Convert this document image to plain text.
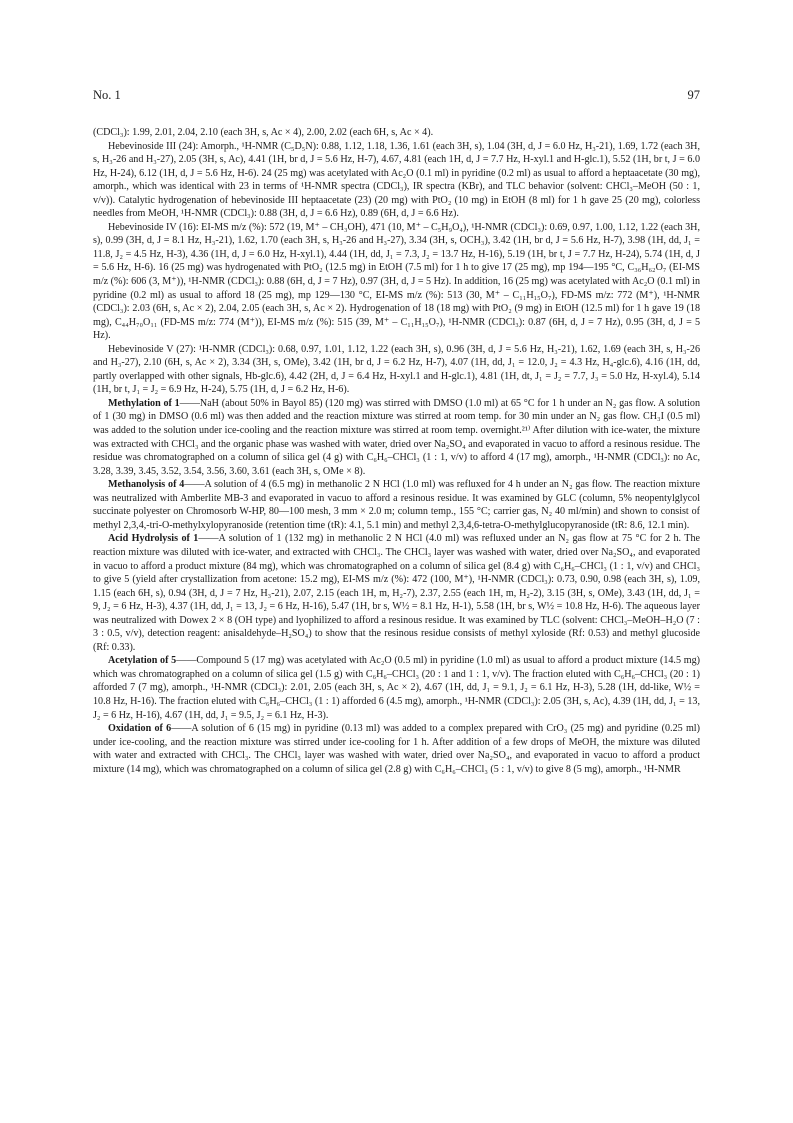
No. 1	97

(CDCl₃): 1.99, 2.01, 2.04, 2.10 (each 3H, s, Ac × 4), 2.00, 2.02 (each 6H, s, Ac × 4).

Hebevinoside III (24): Amorph., ¹H-NMR (C₅D₅N): 0.88, 1.12, 1.18, 1.36, 1.61 (each 3H, s), 1.04 (3H, d, J = 6.0 Hz, H₃-21), 1.69, 1.72 (each 3H, s, H₃-26 and H₃-27), 2.05 (3H, s, Ac), 4.41 (1H, br d, J = 5.6 Hz, H-7), 4.67, 4.81 (each 1H, d, J = 7.7 Hz, H-xyl.1 and H-glc.1), 5.52 (1H, br t, J = 6.0 Hz, H-24), 6.12 (1H, d, J = 5.6 Hz, H-6). 24 (25 mg) was acetylated with Ac₂O (0.1 ml) in pyridine (0.2 ml) as usual to afford a heptaacetate (30 mg), amorph., which was identical with 23 in terms of ¹H-NMR spectra (CDCl₃), IR spectra (KBr), and TLC behavior (solvent: CHCl₃–MeOH (50 : 1, v/v)). Catalytic hydrogenation of hebevinoside III heptaacetate (23) (20 mg) with PtO₂ (10 mg) in EtOH (8 ml) for 1 h gave 25 (20 mg), colorless needles from MeOH, ¹H-NMR (CDCl₃): 0.88 (3H, d, J = 6.6 Hz), 0.89 (6H, d, J = 6.6 Hz).

Hebevinoside IV (16): EI-MS m/z (%): 572 (19, M⁺ – CH₃OH), 471 (10, M⁺ – C₅H₉O₄), ¹H-NMR (CDCl₃): 0.69, 0.97, 1.00, 1.12, 1.22 (each 3H, s), 0.99 (3H, d, J = 8.1 Hz, H₃-21), 1.62, 1.70 (each 3H, s, H₃-26 and H₃-27), 3.34 (3H, s, OCH₃), 3.42 (1H, br d, J = 5.6 Hz, H-7), 3.98 (1H, dd, J₁ = 11.8, J₂ = 4.5 Hz, H-3), 4.36 (1H, d, J = 6.0 Hz, H-xyl.1), 4.44 (1H, dd, J₁ = 7.3, J₂ = 13.7 Hz, H-16), 5.19 (1H, br t, J = 7.7 Hz, H-24), 5.74 (1H, d, J = 5.6 Hz, H-6). 16 (25 mg) was hydrogenated with PtO₂ (12.5 mg) in EtOH (7.5 ml) for 1 h to give 17 (25 mg), mp 194—195 °C, C₃₆H₆₂O₇ (EI-MS m/z (%): 606 (3, M⁺)), ¹H-NMR (CDCl₃): 0.88 (6H, d, J = 7 Hz), 0.97 (3H, d, J = 5 Hz). In addition, 16 (25 mg) was acetylated with Ac₂O (0.1 ml) in pyridine (0.2 ml) as usual to afford 18 (25 mg), mp 129—130 °C, EI-MS m/z (%): 513 (30, M⁺ – C₁₁H₁₅O₇), FD-MS m/z: 772 (M⁺), ¹H-NMR (CDCl₃): 2.03 (6H, s, Ac × 2), 2.04, 2.05 (each 3H, s, Ac × 2). Hydrogenation of 18 (18 mg) with PtO₂ (9 mg) in EtOH (12.5 ml) for 1 h gave 19 (18 mg), C₄₄H₇₀O₁₁ (FD-MS m/z: 774 (M⁺)), EI-MS m/z (%): 515 (39, M⁺ – C₁₁H₁₅O₇), ¹H-NMR (CDCl₃): 0.87 (6H, d, J = 7 Hz), 0.95 (3H, d, J = 5 Hz).

Hebevinoside V (27): ¹H-NMR (CDCl₃): 0.68, 0.97, 1.01, 1.12, 1.22 (each 3H, s), 0.96 (3H, d, J = 5.6 Hz, H₃-21), 1.62, 1.69 (each 3H, s, H₃-26 and H₃-27), 2.10 (6H, s, Ac × 2), 3.34 (3H, s, OMe), 3.42 (1H, br d, J = 6.2 Hz, H-7), 4.07 (1H, dd, J₁ = 12.0, J₂ = 4.3 Hz, H₄-glc.6), 4.16 (1H, dd, partly overlapped with other signals, Hb-glc.6), 4.42 (2H, d, J = 6.4 Hz, H-xyl.1 and H-glc.1), 4.81 (1H, dt, J₁ = J₂ = 7.7, J₃ = 5.0 Hz, H-xyl.4), 5.14 (1H, br t, J₁ = J₂ = 6.9 Hz, H-24), 5.75 (1H, d, J = 6.2 Hz, H-6).

Methylation of 1——NaH (about 50% in Bayol 85) (120 mg) was stirred with DMSO (1.0 ml) at 65 °C for 1 h under an N₂ gas flow. A solution of 1 (30 mg) in DMSO (0.6 ml) was then added and the reaction mixture was stirred at room temp. for 30 min under an N₂ gas flow. CH₃I (0.5 ml) was added to the solution under ice-cooling and the reaction mixture was stirred at room temp. overnight.²¹⁾ After dilution with ice-water, the mixture was extracted with CHCl₃ and the organic phase was washed with water, dried over Na₂SO₄ and evaporated in vacuo to afford a resinous residue. The residue was chromatographed on a column of silica gel (4 g) with C₆H₆–CHCl₃ (1 : 1, v/v) to afford 4 (17 mg), amorph., ¹H-NMR (CDCl₃): no Ac, 3.28, 3.39, 3.45, 3.52, 3.54, 3.56, 3.60, 3.61 (each 3H, s, OMe × 8).

Methanolysis of 4——A solution of 4 (6.5 mg) in methanolic 2 N HCl (1.0 ml) was refluxed for 4 h under an N₂ gas flow. The reaction mixture was neutralized with Amberlite MB-3 and evaporated in vacuo to afford a resinous residue. It was examined by GLC (column, 5% neopentylglycol succinate polyester on Chromosorb W-HP, 80—100 mesh, 3 mm × 2.0 m; column temp., 155 °C; carrier gas, N₂ 40 ml/min) and shown to consist of methyl 2,3,4,-tri-O-methylxylopyranoside (retention time (tR): 4.1, 5.1 min) and methyl 2,3,4,6-tetra-O-methylglucopyranoside (tR: 8.6, 12.1 min).

Acid Hydrolysis of 1——A solution of 1 (132 mg) in methanolic 2 N HCl (4.0 ml) was refluxed under an N₂ gas flow at 75 °C for 2 h. The reaction mixture was diluted with ice-water, and extracted with CHCl₃. The CHCl₃ layer was washed with water, dried over Na₂SO₄, and evaporated in vacuo to afford a product mixture (84 mg), which was chromatographed on a column of silica gel (8.4 g) with C₆H₆–CHCl₃ (1 : 1, v/v) and CHCl₃ to give 5 (yield after crystallization from acetone: 15.2 mg), EI-MS m/z (%): 472 (100, M⁺), ¹H-NMR (CDCl₃): 0.73, 0.90, 0.98 (each 3H, s), 1.09, 1.15 (each 6H, s), 0.94 (3H, d, J = 7 Hz, H₃-21), 2.07, 2.15 (each 1H, m, H₂-7), 2.37, 2.55 (each 1H, m, H₂-2), 3.15 (3H, s, OMe), 3.43 (1H, dd, J₁ = 9, J₂ = 6 Hz, H-3), 4.37 (1H, dd, J₁ = 13, J₂ = 6 Hz, H-16), 5.47 (1H, br s, W½ = 8.1 Hz, H-1), 5.58 (1H, br s, W½ = 10.8 Hz, H-6). The aqueous layer was neutralized with Dowex 2 × 8 (OH type) and lyophilized to afford a resinous residue. It was examined by TLC (solvent: CHCl₃–MeOH–H₂O (7 : 3 : 0.5, v/v), detection reagent: anisaldehyde–H₂SO₄) to show that the resinous residue consists of methyl xyloside (Rf: 0.53) and methyl glucoside (Rf: 0.33).

Acetylation of 5——Compound 5 (17 mg) was acetylated with Ac₂O (0.5 ml) in pyridine (1.0 ml) as usual to afford a product mixture (14.5 mg) which was chromatographed on a column of silica gel (1.5 g) with C₆H₆–CHCl₃ (20 : 1 and 1 : 1, v/v). The fraction eluted with C₆H₆–CHCl₃ (20 : 1) afforded 7 (7 mg), amorph., ¹H-NMR (CDCl₃): 2.01, 2.05 (each 3H, s, Ac × 2), 4.67 (1H, dd, J₁ = 9.1, J₂ = 6.1 Hz, H-3), 5.28 (1H, dd-like, W½ = 10.8 Hz, H-16). The fraction eluted with C₆H₆–CHCl₃ (1 : 1) afforded 6 (4.5 mg), amorph., ¹H-NMR (CDCl₃): 2.05 (3H, s, Ac), 4.39 (1H, dd, J₁ = 13, J₂ = 6 Hz, H-16), 4.67 (1H, dd, J₁ = 9.5, J₂ = 6.1 Hz, H-3).

Oxidation of 6——A solution of 6 (15 mg) in pyridine (0.13 ml) was added to a complex prepared with CrO₃ (25 mg) and pyridine (0.25 ml) under ice-cooling, and the reaction mixture was stirred under ice-cooling for 1 h. After addition of a few drops of MeOH, the mixture was diluted with water and extracted with CHCl₃. The CHCl₃ layer was washed with water, dried over Na₂SO₄, and evaporated in vacuo to afford a product mixture (14 mg), which was chromatographed on a column of silica gel (2.8 g) with C₆H₆–CHCl₃ (5 : 1, v/v) to give 8 (5 mg), amorph., ¹H-NMR
